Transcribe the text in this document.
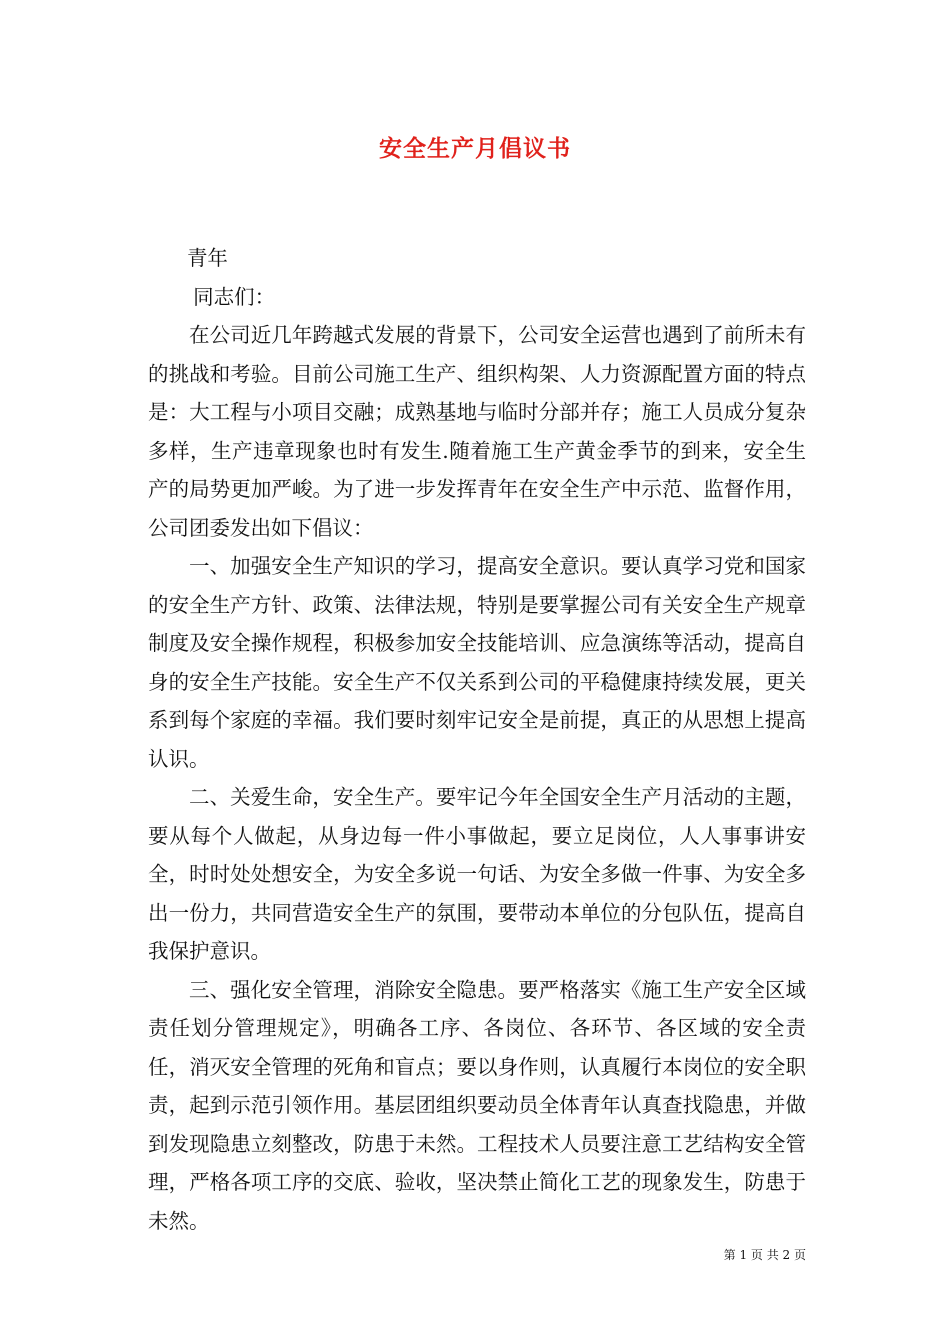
安全生产月倡议书

青年

同志们：

在公司近几年跨越式发展的背景下，公司安全运营也遇到了前所未有的挑战和考验。目前公司施工生产、组织构架、人力资源配置方面的特点是：大工程与小项目交融；成熟基地与临时分部并存；施工人员成分复杂多样，生产违章现象也时有发生.随着施工生产黄金季节的到来，安全生产的局势更加严峻。为了进一步发挥青年在安全生产中示范、监督作用，公司团委发出如下倡议：

一、加强安全生产知识的学习，提高安全意识。要认真学习党和国家的安全生产方针、政策、法律法规，特别是要掌握公司有关安全生产规章制度及安全操作规程，积极参加安全技能培训、应急演练等活动，提高自身的安全生产技能。安全生产不仅关系到公司的平稳健康持续发展，更关系到每个家庭的幸福。我们要时刻牢记安全是前提，真正的从思想上提高认识。

二、关爱生命，安全生产。要牢记今年全国安全生产月活动的主题，要从每个人做起，从身边每一件小事做起，要立足岗位，人人事事讲安全，时时处处想安全，为安全多说一句话、为安全多做一件事、为安全多出一份力，共同营造安全生产的氛围，要带动本单位的分包队伍，提高自我保护意识。

三、强化安全管理，消除安全隐患。要严格落实《施工生产安全区域责任划分管理规定》，明确各工序、各岗位、各环节、各区域的安全责任，消灭安全管理的死角和盲点；要以身作则，认真履行本岗位的安全职责，起到示范引领作用。基层团组织要动员全体青年认真查找隐患，并做到发现隐患立刻整改，防患于未然。工程技术人员要注意工艺结构安全管理，严格各项工序的交底、验收，坚决禁止简化工艺的现象发生，防患于未然。

第 1 页 共 2 页
